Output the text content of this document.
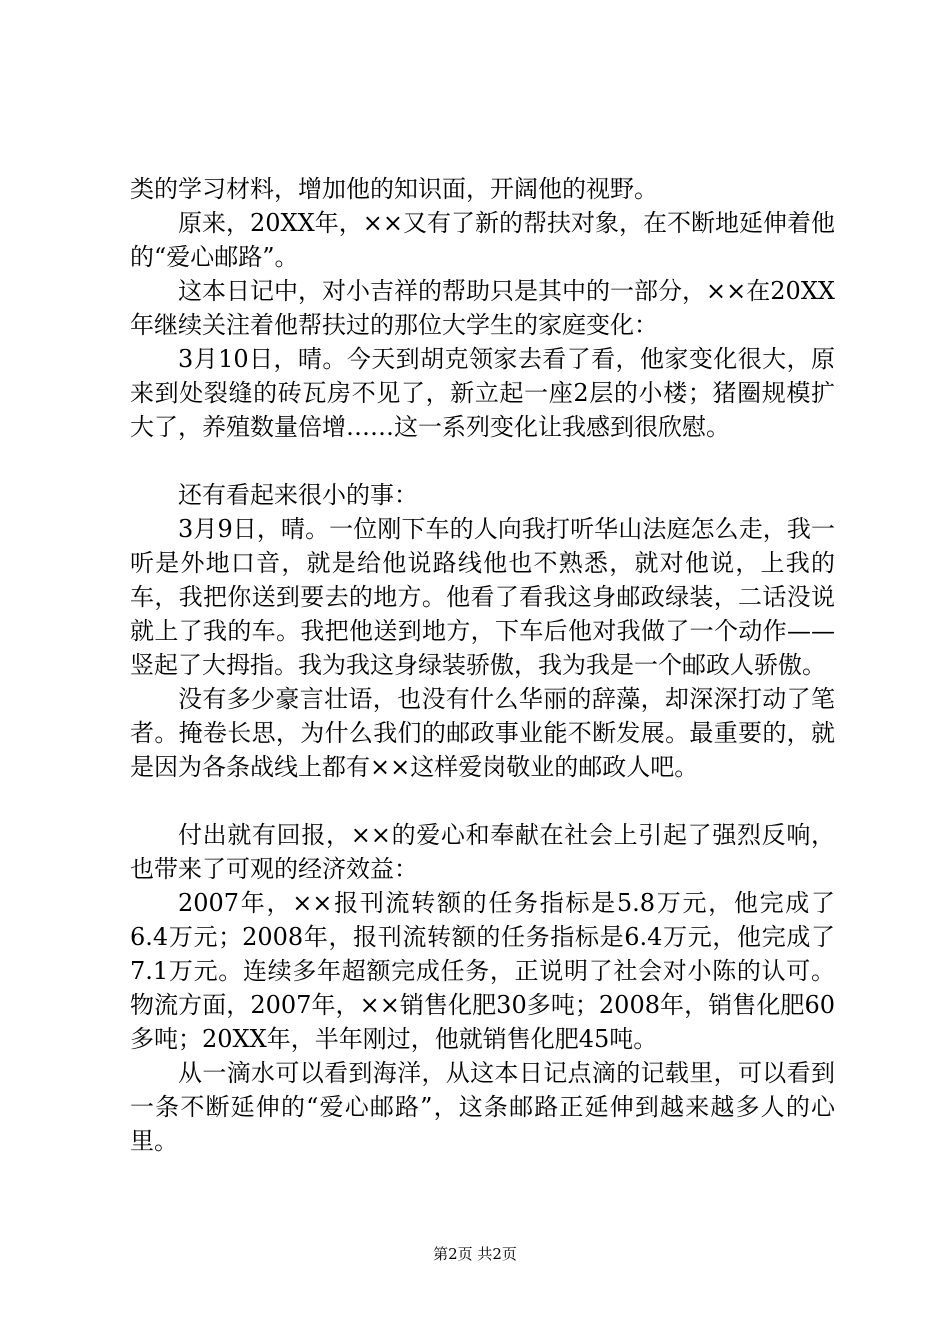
类的学习材料，增加他的知识面，开阔他的视野。

原来，20XX年，××又有了新的帮扶对象，在不断地延伸着他的“爱心邮路”。

这本日记中，对小吉祥的帮助只是其中的一部分，××在20XX年继续关注着他帮扶过的那位大学生的家庭变化：

3月10日，晴。今天到胡克领家去看了看，他家变化很大，原来到处裂缝的砖瓦房不见了，新立起一座2层的小楼；猪圈规模扩大了，养殖数量倍增……这一系列变化让我感到很欣慰。

还有看起来很小的事：

3月9日，晴。一位刚下车的人向我打听华山法庭怎么走，我一听是外地口音，就是给他说路线他也不熟悉，就对他说，上我的车，我把你送到要去的地方。他看了看我这身邮政绿装，二话没说就上了我的车。我把他送到地方，下车后他对我做了一个动作——竖起了大拇指。我为我这身绿装骄傲，我为我是一个邮政人骄傲。

没有多少豪言壮语，也没有什么华丽的辞藻，却深深打动了笔者。掩卷长思，为什么我们的邮政事业能不断发展。最重要的，就是因为各条战线上都有××这样爱岗敬业的邮政人吧。

付出就有回报，××的爱心和奉献在社会上引起了强烈反响，也带来了可观的经济效益：

2007年，××报刊流转额的任务指标是5.8万元，他完成了6.4万元；2008年，报刊流转额的任务指标是6.4万元，他完成了7.1万元。连续多年超额完成任务，正说明了社会对小陈的认可。物流方面，2007年，××销售化肥30多吨；2008年，销售化肥60多吨；20XX年，半年刚过，他就销售化肥45吨。

从一滴水可以看到海洋，从这本日记点滴的记载里，可以看到一条不断延伸的“爱心邮路”，这条邮路正延伸到越来越多人的心里。

第2页 共2页
